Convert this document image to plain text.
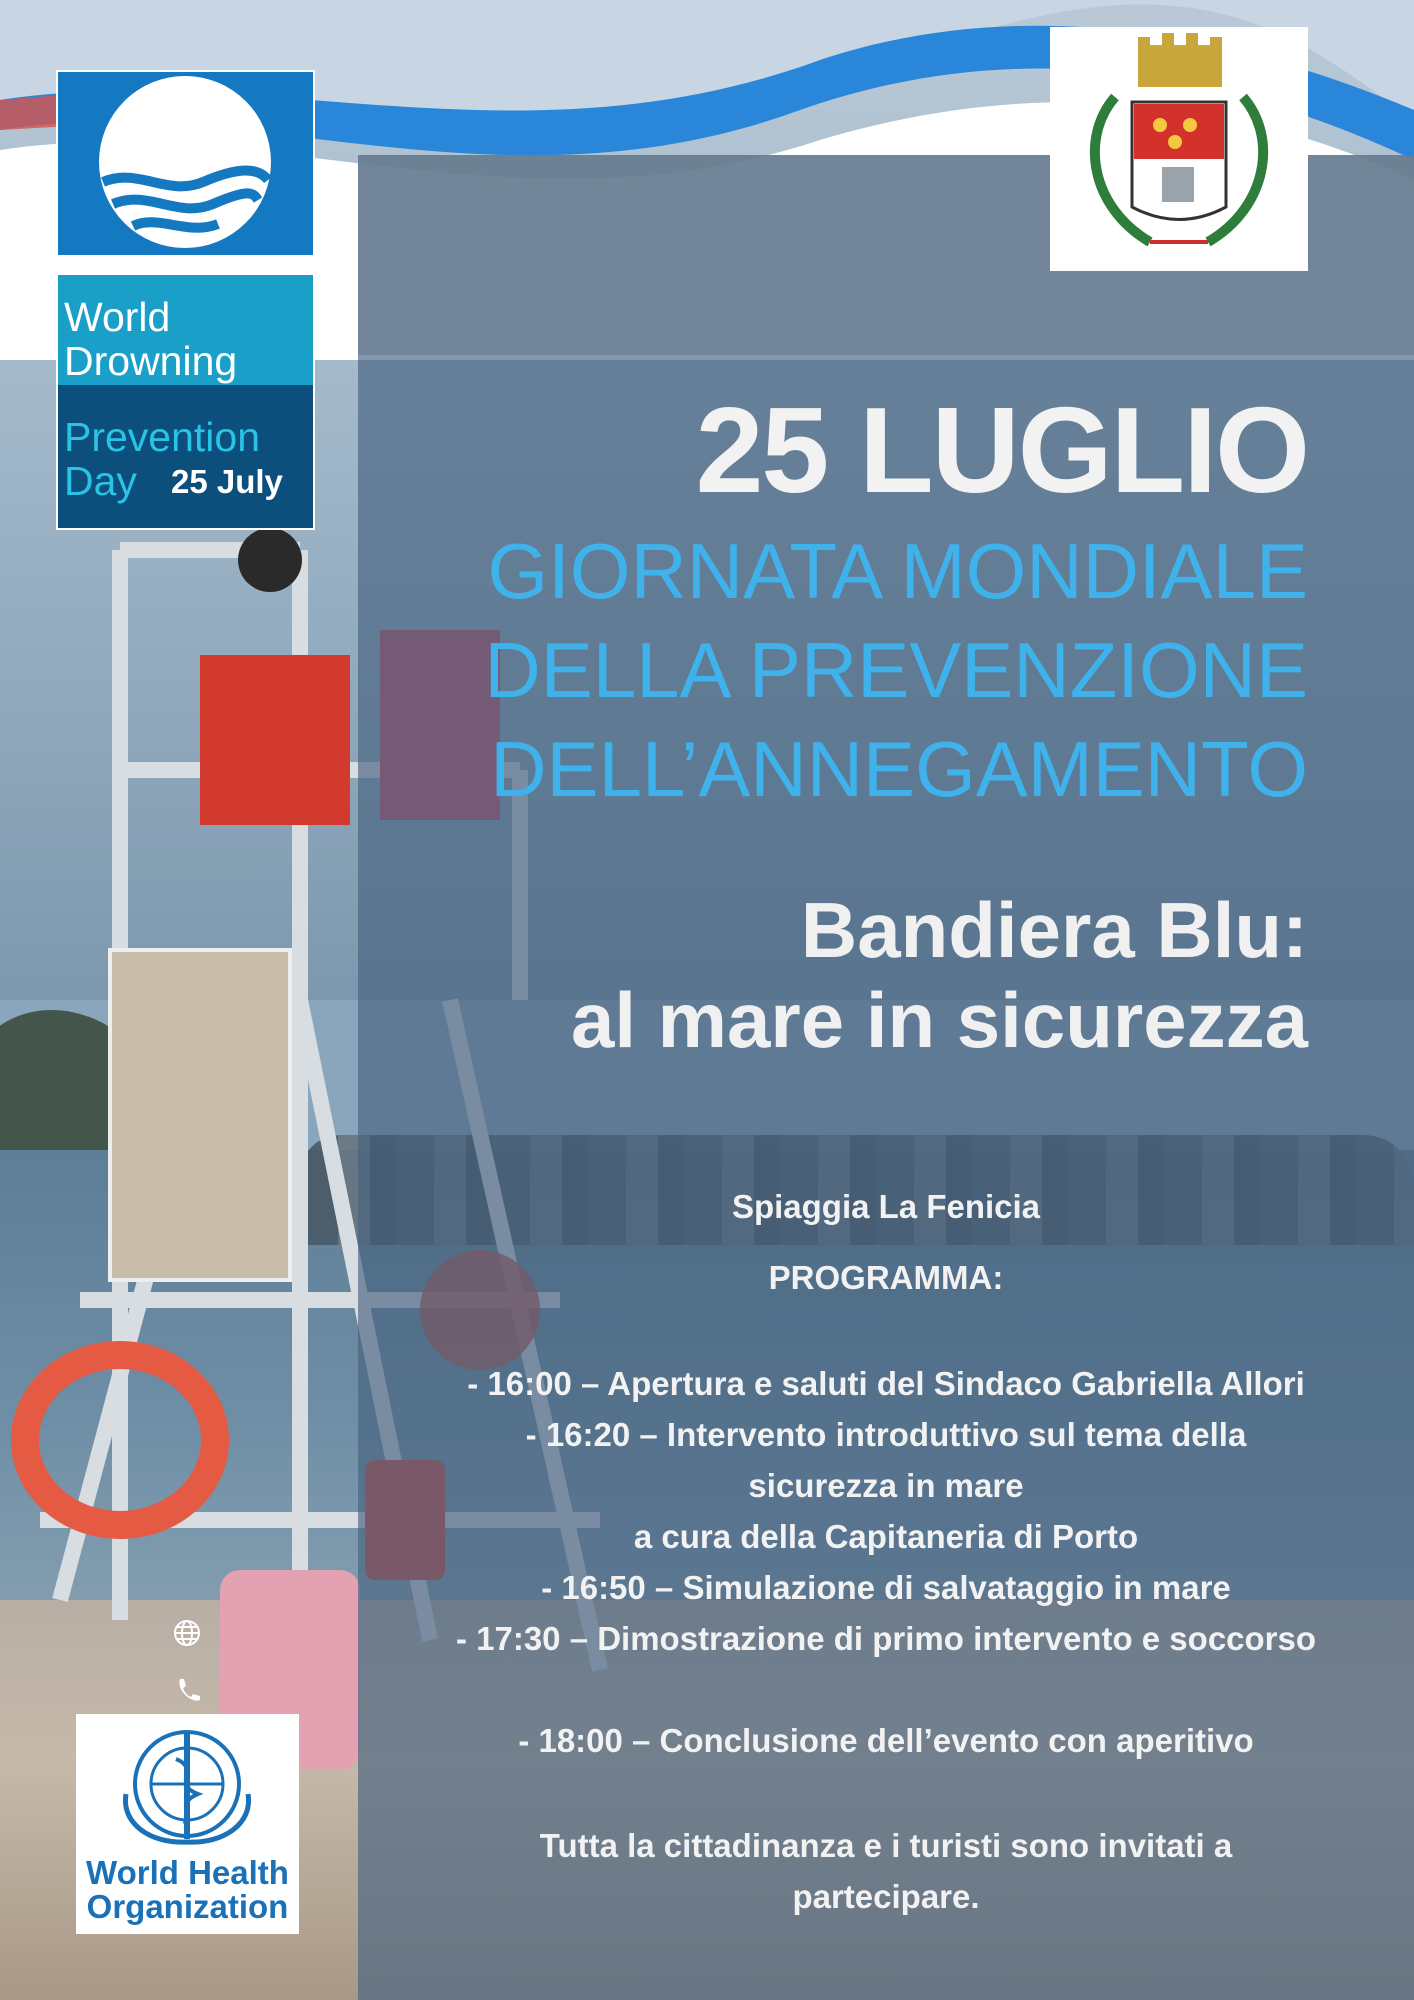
World
Drowning
Prevention
Day	25 July	25 LUGLIO
GIORNATA MONDIALE
DELLA PREVENZIONE
DELL’ANNEGAMENTO
Bandiera Blu:
al mare in sicurezza
Spiaggia La Fenicia
PROGRAMMA:
- 16:00 – Apertura e saluti del Sindaco Gabriella Allori
- 16:20 – Intervento introduttivo sul tema della
sicurezza in mare
a cura della Capitaneria di Porto
- 16:50 – Simulazione di salvataggio in mare
- 17:30 – Dimostrazione di primo intervento e soccorso
- 18:00 – Conclusione dell’evento con aperitivo
Tutta la cittadinanza e i turisti sono invitati a
partecipare.
World Health
Organization
